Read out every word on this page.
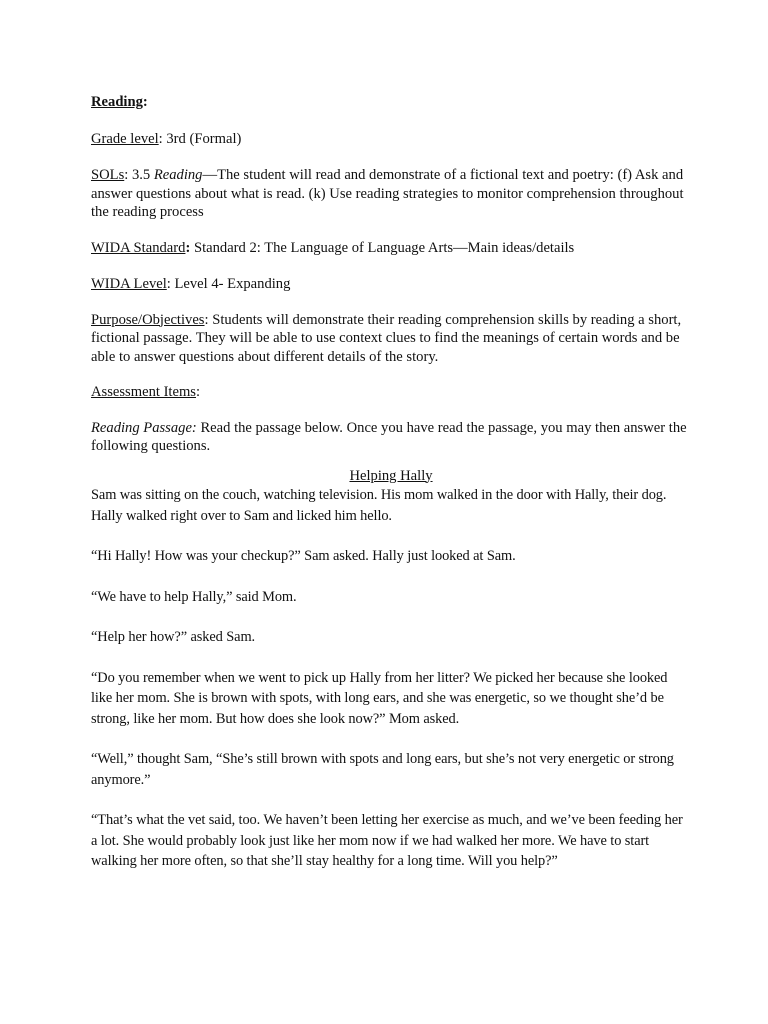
Reading:

Grade level: 3rd (Formal)

SOLs: 3.5 Reading—The student will read and demonstrate of a fictional text and poetry: (f) Ask and answer questions about what is read. (k) Use reading strategies to monitor comprehension throughout the reading process

WIDA Standard: Standard 2: The Language of Language Arts—Main ideas/details

WIDA Level: Level 4- Expanding

Purpose/Objectives: Students will demonstrate their reading comprehension skills by reading a short, fictional passage. They will be able to use context clues to find the meanings of certain words and be able to answer questions about different details of the story.

Assessment Items:

Reading Passage: Read the passage below. Once you have read the passage, you may then answer the following questions.

Helping Hally

Sam was sitting on the couch, watching television. His mom walked in the door with Hally, their dog. Hally walked right over to Sam and licked him hello.

“Hi Hally! How was your checkup?” Sam asked. Hally just looked at Sam.

“We have to help Hally,” said Mom.

“Help her how?” asked Sam.

“Do you remember when we went to pick up Hally from her litter? We picked her because she looked like her mom. She is brown with spots, with long ears, and she was energetic, so we thought she’d be strong, like her mom. But how does she look now?” Mom asked.

“Well,” thought Sam, “She’s still brown with spots and long ears, but she’s not very energetic or strong anymore.”

“That’s what the vet said, too. We haven’t been letting her exercise as much, and we’ve been feeding her a lot. She would probably look just like her mom now if we had walked her more. We have to start walking her more often, so that she’ll stay healthy for a long time. Will you help?”
